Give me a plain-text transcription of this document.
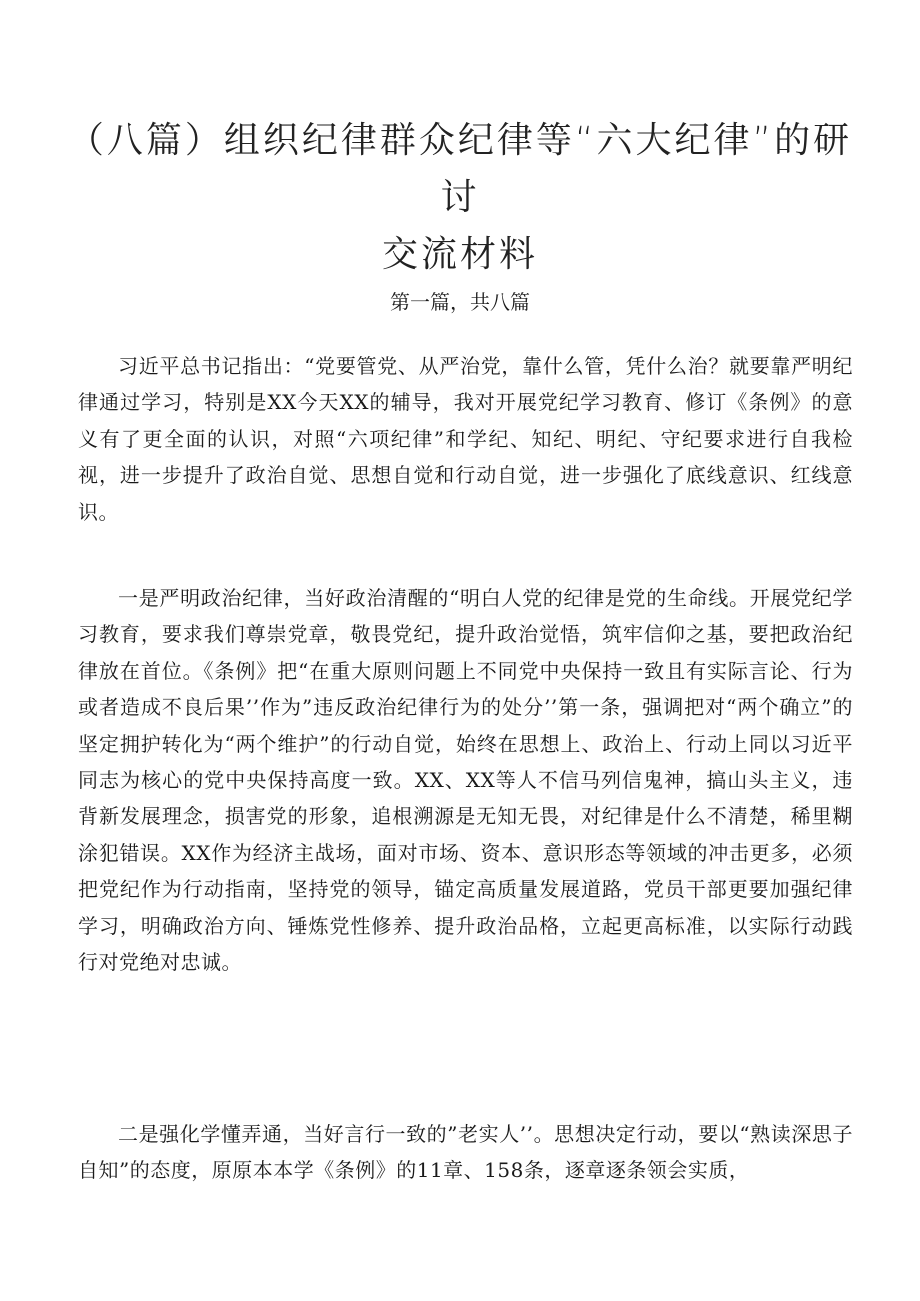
（八篇）组织纪律群众纪律等“六大纪律”的研讨
交流材料

第一篇，共八篇

习近平总书记指出：“党要管党、从严治党，靠什么管，凭什么治？就要靠严明纪律通过学习，特别是XX今天XX的辅导，我对开展党纪学习教育、修订《条例》的意义有了更全面的认识，对照“六项纪律”和学纪、知纪、明纪、守纪要求进行自我检视，进一步提升了政治自觉、思想自觉和行动自觉，进一步强化了底线意识、红线意识。

一是严明政治纪律，当好政治清醒的“明白人党的纪律是党的生命线。开展党纪学习教育，要求我们尊崇党章，敬畏党纪，提升政治觉悟，筑牢信仰之基，要把政治纪律放在首位。《条例》把“在重大原则问题上不同党中央保持一致且有实际言论、行为或者造成不良后果’’作为”违反政治纪律行为的处分’’第一条，强调把对“两个确立”的坚定拥护转化为“两个维护”的行动自觉，始终在思想上、政治上、行动上同以习近平同志为核心的党中央保持高度一致。XX、XX等人不信马列信鬼神，搞山头主义，违背新发展理念，损害党的形象，追根溯源是无知无畏，对纪律是什么不清楚，稀里糊涂犯错误。XX作为经济主战场，面对市场、资本、意识形态等领域的冲击更多，必须把党纪作为行动指南，坚持党的领导，锚定高质量发展道路，党员干部更要加强纪律学习，明确政治方向、锤炼党性修养、提升政治品格，立起更高标准，以实际行动践行对党绝对忠诚。

二是强化学懂弄通，当好言行一致的”老实人’’。思想决定行动，要以“熟读深思子自知”的态度，原原本本学《条例》的11章、158条，逐章逐条领会实质，
